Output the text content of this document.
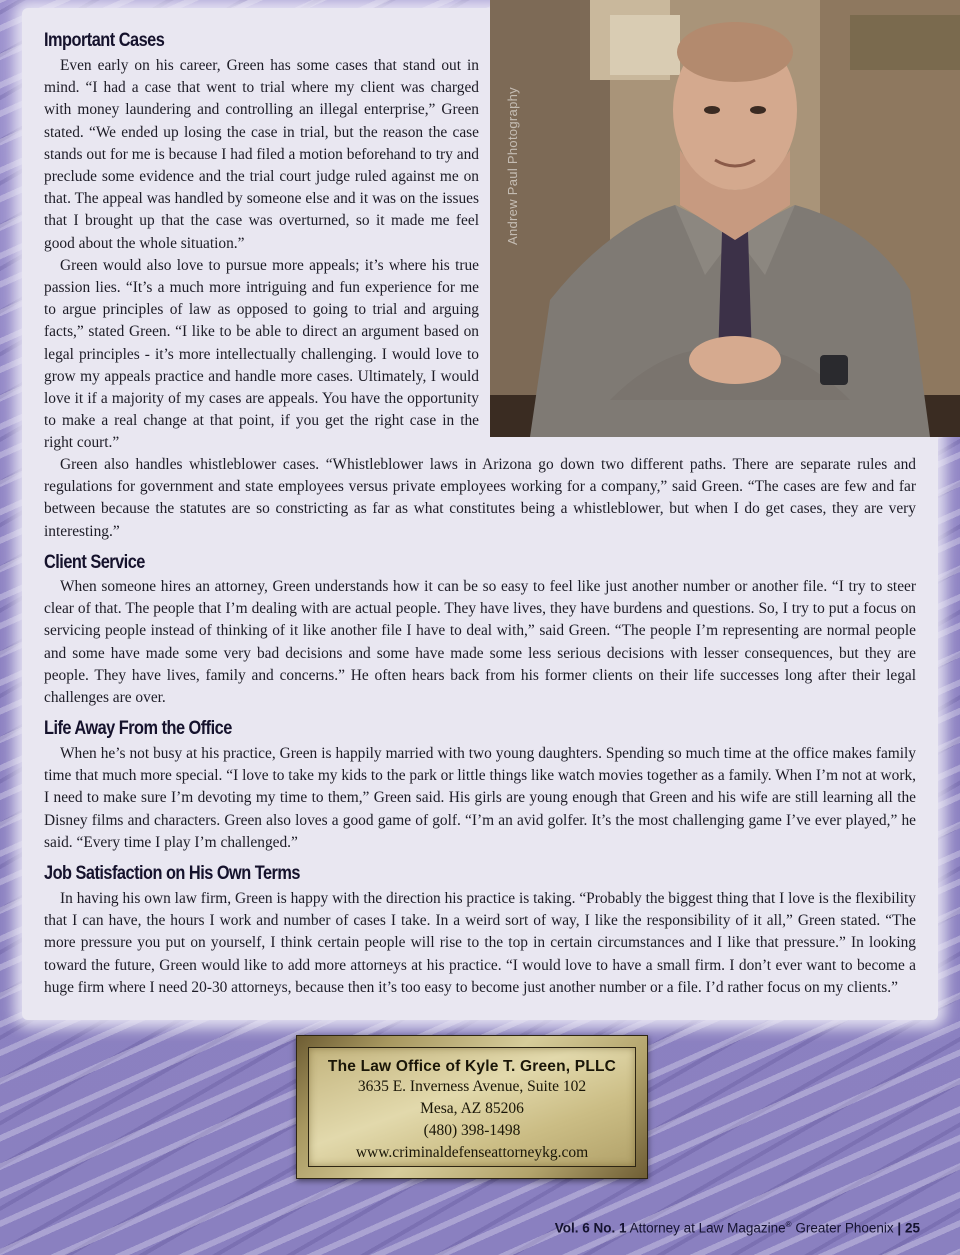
Andrew Paul Photography
Important Cases

Even early on his career, Green has some cases that stand out in mind. “I had a case that went to trial where my client was charged with money laundering and controlling an illegal enterprise,” Green stated. “We ended up losing the case in trial, but the reason the case stands out for me is because I had filed a motion beforehand to try and preclude some evidence and the trial court judge ruled against me on that. The appeal was handled by someone else and it was on the issues that I brought up that the case was overturned, so it made me feel good about the whole situation.”

Green would also love to pursue more appeals; it’s where his true passion lies. “It’s a much more intriguing and fun experience for me to argue principles of law as opposed to going to trial and arguing facts,” stated Green. “I like to be able to direct an argument based on legal principles - it’s more intellectually challenging. I would love to grow my appeals practice and handle more cases. Ultimately, I would love it if a majority of my cases are appeals. You have the opportunity to make a real change at that point, if you get the right case in the right court.”

Green also handles whistleblower cases. “Whistleblower laws in Arizona go down two different paths. There are separate rules and regulations for government and state employees versus private employees working for a company,” said Green. “The cases are few and far between because the statutes are so constricting as far as what constitutes being a whistleblower, but when I do get cases, they are very interesting.”

Client Service

When someone hires an attorney, Green understands how it can be so easy to feel like just another number or another file. “I try to steer clear of that. The people that I’m dealing with are actual people. They have lives, they have burdens and questions. So, I try to put a focus on servicing people instead of thinking of it like another file I have to deal with,” said Green. “The people I’m representing are normal people and some have made some very bad decisions and some have made some less serious decisions with lesser consequences, but they are people. They have lives, family and concerns.” He often hears back from his former clients on their life successes long after their legal challenges are over.

Life Away From the Office

When he’s not busy at his practice, Green is happily married with two young daughters. Spending so much time at the office makes family time that much more special. “I love to take my kids to the park or little things like watch movies together as a family. When I’m not at work, I need to make sure I’m devoting my time to them,” Green said. His girls are young enough that Green and his wife are still learning all the Disney films and characters. Green also loves a good game of golf. “I’m an avid golfer. It’s the most challenging game I’ve ever played,” he said. “Every time I play I’m challenged.”

Job Satisfaction on His Own Terms

In having his own law firm, Green is happy with the direction his practice is taking. “Probably the biggest thing that I love is the flexibility that I can have, the hours I work and number of cases I take. In a weird sort of way, I like the responsibility of it all,” Green stated. “The more pressure you put on yourself, I think certain people will rise to the top in certain circumstances and I like that pressure.” In looking toward the future, Green would like to add more attorneys at his practice. “I would love to have a small firm. I don’t ever want to become a huge firm where I need 20-30 attorneys, because then it’s too easy to become just another number or a file. I’d rather focus on my clients.”

The Law Office of Kyle T. Green, PLLC
3635 E. Inverness Avenue, Suite 102
Mesa, AZ 85206
(480) 398-1498
www.criminaldefenseattorneykg.com
Vol. 6 No. 1 Attorney at Law Magazine® Greater Phoenix | 25
